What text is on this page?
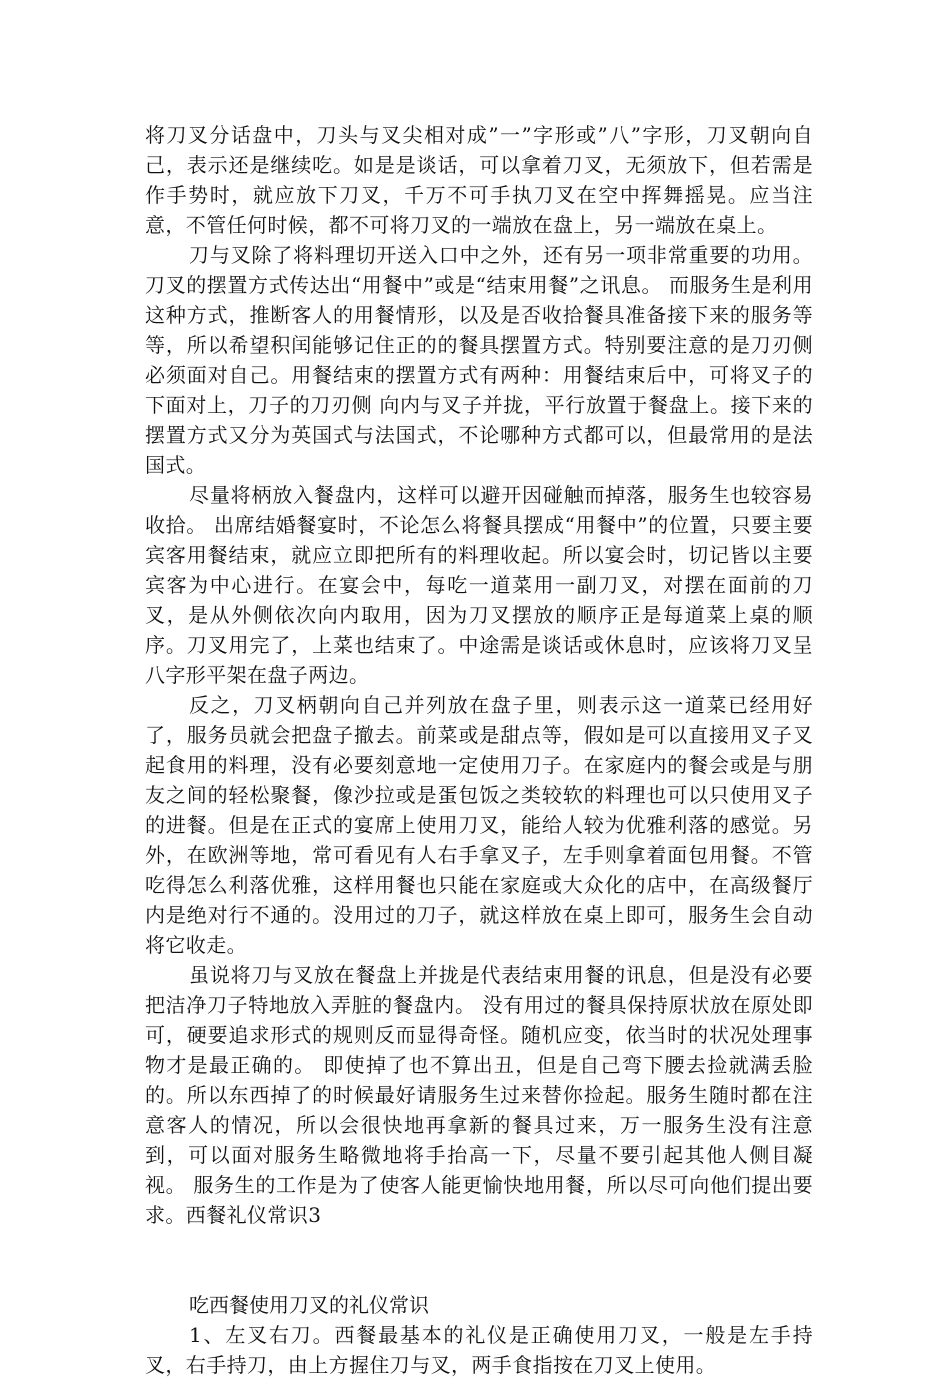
将刀叉分话盘中，刀头与叉尖相对成”一”字形或”八”字形，刀叉朝向自己，表示还是继续吃。如是是谈话，可以拿着刀叉，无须放下，但若需是作手势时，就应放下刀叉，千万不可手执刀叉在空中挥舞摇晃。应当注意，不管任何时候，都不可将刀叉的一端放在盘上，另一端放在桌上。

刀与叉除了将料理切开送入口中之外，还有另一项非常重要的功用。刀叉的摆置方式传达出“用餐中”或是“结束用餐”之讯息。 而服务生是利用这种方式，推断客人的用餐情形，以及是否收拾餐具准备接下来的服务等等，所以希望积闰能够记住正的的餐具摆置方式。特别要注意的是刀刃侧必须面对自己。用餐结束的摆置方式有两种：用餐结束后中，可将叉子的下面对上，刀子的刀刃侧 向内与叉子并拢，平行放置于餐盘上。接下来的摆置方式又分为英国式与法国式，不论哪种方式都可以，但最常用的是法国式。

尽量将柄放入餐盘内，这样可以避开因碰触而掉落，服务生也较容易收拾。 出席结婚餐宴时，不论怎么将餐具摆成“用餐中”的位置，只要主要宾客用餐结束，就应立即把所有的料理收起。所以宴会时，切记皆以主要宾客为中心进行。在宴会中，每吃一道菜用一副刀叉，对摆在面前的刀叉，是从外侧依次向内取用，因为刀叉摆放的顺序正是每道菜上桌的顺序。刀叉用完了，上菜也结束了。中途需是谈话或休息时，应该将刀叉呈八字形平架在盘子两边。

反之，刀叉柄朝向自己并列放在盘子里，则表示这一道菜已经用好了，服务员就会把盘子撤去。前菜或是甜点等，假如是可以直接用叉子叉起食用的料理，没有必要刻意地一定使用刀子。在家庭内的餐会或是与朋友之间的轻松聚餐，像沙拉或是蛋包饭之类较软的料理也可以只使用叉子的进餐。但是在正式的宴席上使用刀叉，能给人较为优雅利落的感觉。另外，在欧洲等地，常可看见有人右手拿叉子，左手则拿着面包用餐。不管吃得怎么利落优雅，这样用餐也只能在家庭或大众化的店中，在高级餐厅内是绝对行不通的。没用过的刀子，就这样放在桌上即可，服务生会自动将它收走。

虽说将刀与叉放在餐盘上并拢是代表结束用餐的讯息，但是没有必要把洁净刀子特地放入弄脏的餐盘内。 没有用过的餐具保持原状放在原处即可，硬要追求形式的规则反而显得奇怪。随机应变，依当时的状况处理事物才是最正确的。 即使掉了也不算出丑，但是自己弯下腰去捡就满丢脸的。所以东西掉了的时候最好请服务生过来替你捡起。服务生随时都在注意客人的情况，所以会很快地再拿新的餐具过来，万一服务生没有注意到，可以面对服务生略微地将手抬高一下，尽量不要引起其他人侧目凝视。 服务生的工作是为了使客人能更愉快地用餐，所以尽可向他们提出要求。西餐礼仪常识3

吃西餐使用刀叉的礼仪常识

1、左叉右刀。西餐最基本的礼仪是正确使用刀叉，一般是左手持叉，右手持刀，由上方握住刀与叉，两手食指按在刀叉上使用。
